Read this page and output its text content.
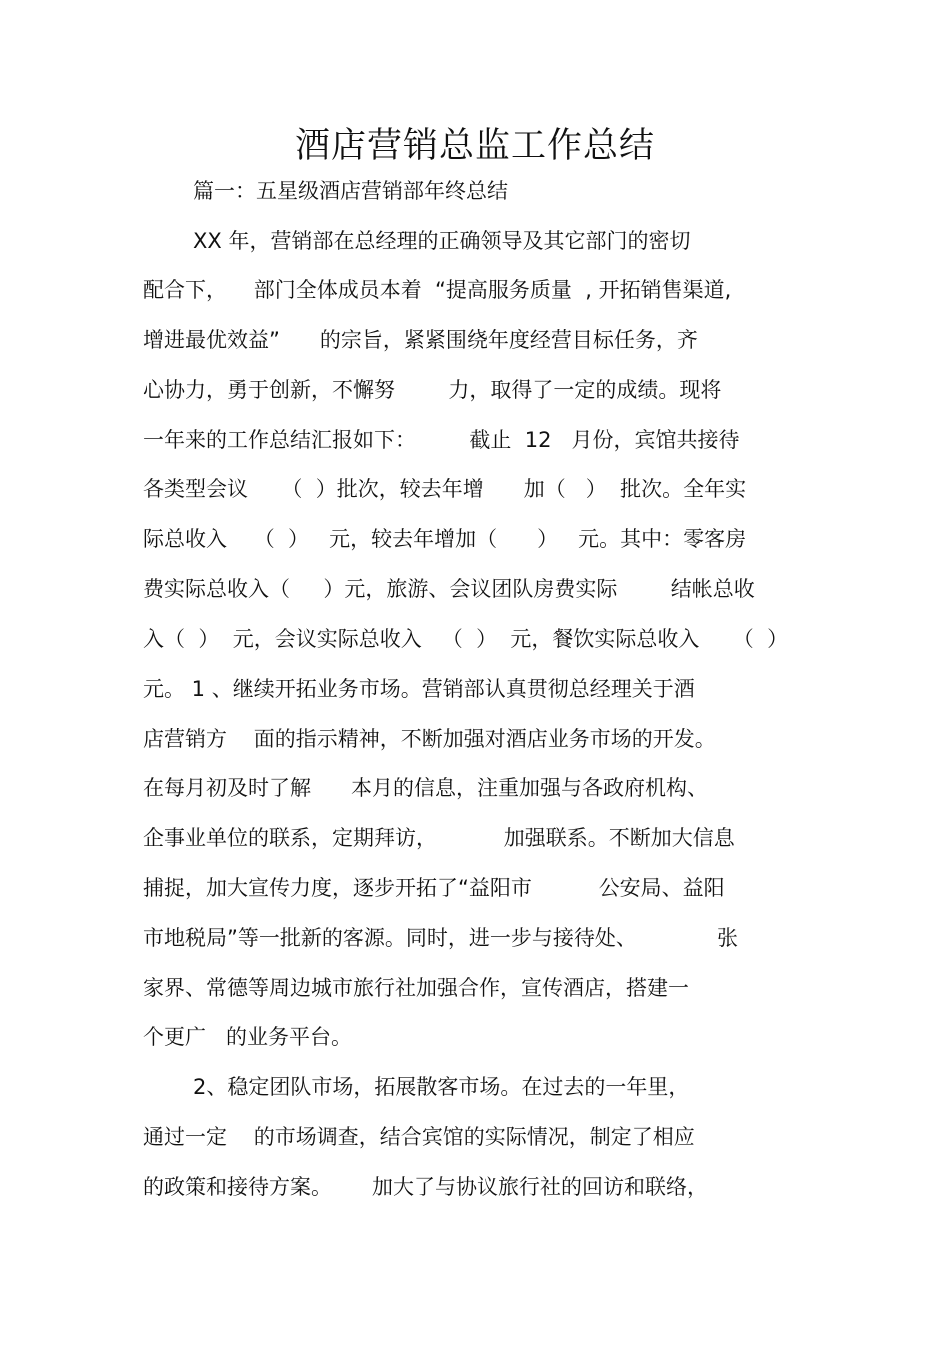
酒店营销总监工作总结
篇一：五星级酒店营销部年终总结
XX 年，营销部在总经理的正确领导及其它部门的密切
配合下，    部门全体成员本着  “提高服务质量  , 开拓销售渠道,
增进最优效益”      的宗旨，紧紧围绕年度经营目标任务，齐
心协力，勇于创新，不懈努        力，取得了一定的成绩。现将
一年来的工作总结汇报如下：        截止  12   月份，宾馆共接待
各类型会议     （  ）批次，较去年增      加（   ）  批次。全年实
际总收入    （  ）   元，较去年增加（      ）   元。其中：零客房
费实际总收入（     ）元，旅游、会议团队房费实际        结帐总收
入（  ）  元，会议实际总收入   （  ）  元，餐饮实际总收入     （  ）
元。 1 、继续开拓业务市场。营销部认真贯彻总经理关于酒
店营销方    面的指示精神，不断加强对酒店业务市场的开发。
在每月初及时了解      本月的信息，注重加强与各政府机构、
企事业单位的联系，定期拜访，          加强联系。不断加大信息
捕捉，加大宣传力度，逐步开拓了“益阳市          公安局、益阳
市地税局”等一批新的客源。同时，进一步与接待处、            张
家界、常德等周边城市旅行社加强合作，宣传酒店，搭建一
个更广   的业务平台。
2、稳定团队市场，拓展散客市场。在过去的一年里，
通过一定    的市场调查，结合宾馆的实际情况，制定了相应
的政策和接待方案。      加大了与协议旅行社的回访和联络，
